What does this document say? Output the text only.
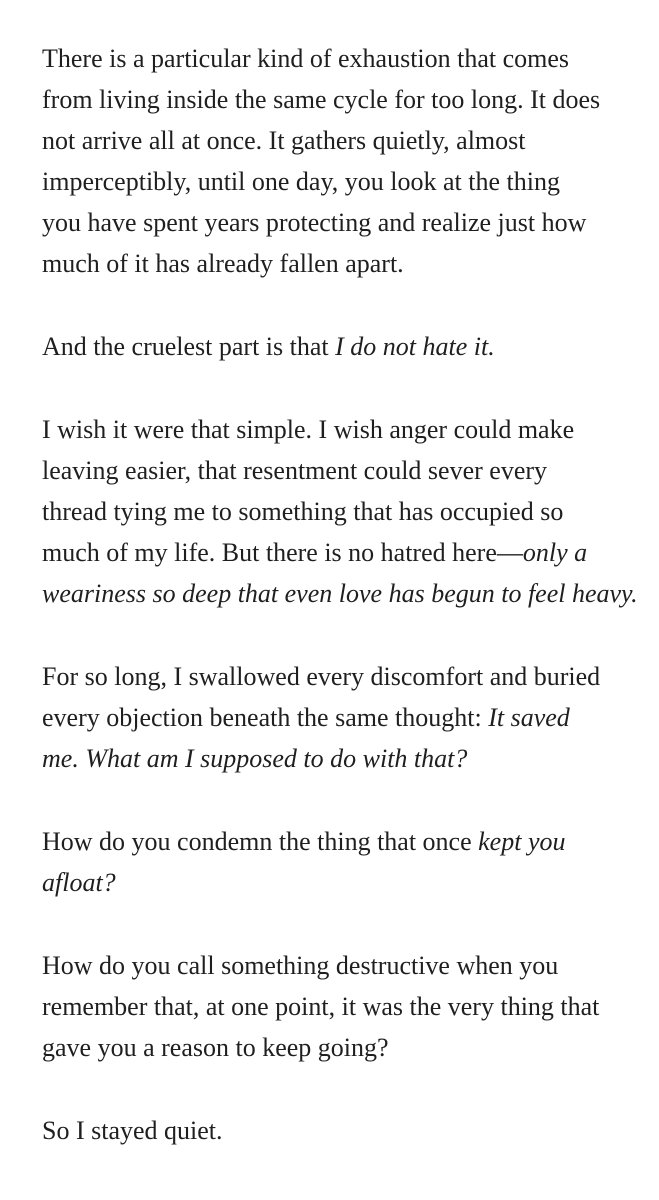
There is a particular kind of exhaustion that comes
from living inside the same cycle for too long. It does
not arrive all at once. It gathers quietly, almost
imperceptibly, until one day, you look at the thing
you have spent years protecting and realize just how
much of it has already fallen apart.

And the cruelest part is that I do not hate it.

I wish it were that simple. I wish anger could make
leaving easier, that resentment could sever every
thread tying me to something that has occupied so
much of my life. But there is no hatred here—only a
weariness so deep that even love has begun to feel heavy.

For so long, I swallowed every discomfort and buried
every objection beneath the same thought: It saved
me. What am I supposed to do with that?

How do you condemn the thing that once kept you
afloat?

How do you call something destructive when you
remember that, at one point, it was the very thing that
gave you a reason to keep going?

So I stayed quiet.
